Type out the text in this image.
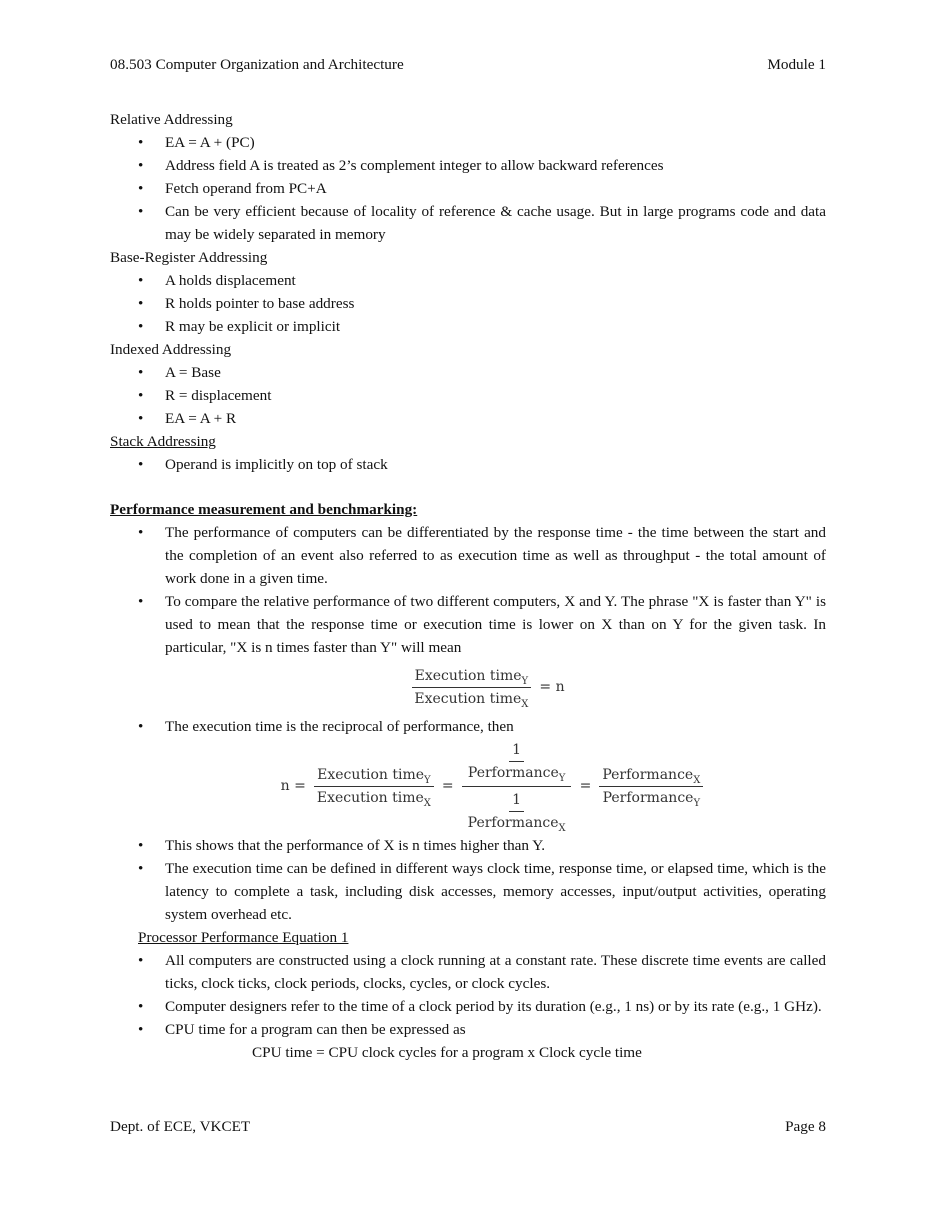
08.503 Computer Organization and Architecture	Module 1
Relative Addressing
• EA = A + (PC)
• Address field A is treated as 2’s complement integer to allow backward references
• Fetch operand from PC+A
• Can be very efficient because of locality of reference & cache usage. But in large programs code and data may be widely separated in memory
Base-Register Addressing
• A holds displacement
• R holds pointer to base address
• R may be explicit or implicit
Indexed Addressing
• A = Base
• R = displacement
• EA = A + R
Stack Addressing
• Operand is implicitly on top of stack
Performance measurement and benchmarking:
• The performance of computers can be differentiated by the response time - the time between the start and the completion of an event also referred to as execution time as well as throughput - the total amount of work done in a given time.
• To compare the relative performance of two different computers, X and Y. The phrase "X is faster than Y" is used to mean that the response time or execution time is lower on X than on Y for the given task. In particular, "X is n times faster than Y" will mean
$\frac{Execution time_Y}{Execution time_X} = n$
• The execution time is the reciprocal of performance, then
$n = \frac{Execution time_Y}{Execution time_X} = \frac{\frac{1}{Performance_Y}}{\frac{1}{Performance_X}} = \frac{Performance_X}{Performance_Y}$
• This shows that the performance of X is n times higher than Y.
• The execution time can be defined in different ways clock time, response time, or elapsed time, which is the latency to complete a task, including disk accesses, memory accesses, input/output activities, operating system overhead etc.
Processor Performance Equation 1
• All computers are constructed using a clock running at a constant rate. These discrete time events are called ticks, clock ticks, clock periods, clocks, cycles, or clock cycles.
• Computer designers refer to the time of a clock period by its duration (e.g., 1 ns) or by its rate (e.g., 1 GHz).
• CPU time for a program can then be expressed as
CPU time = CPU clock cycles for a program x Clock cycle time
Dept. of ECE, VKCET	Page 8
